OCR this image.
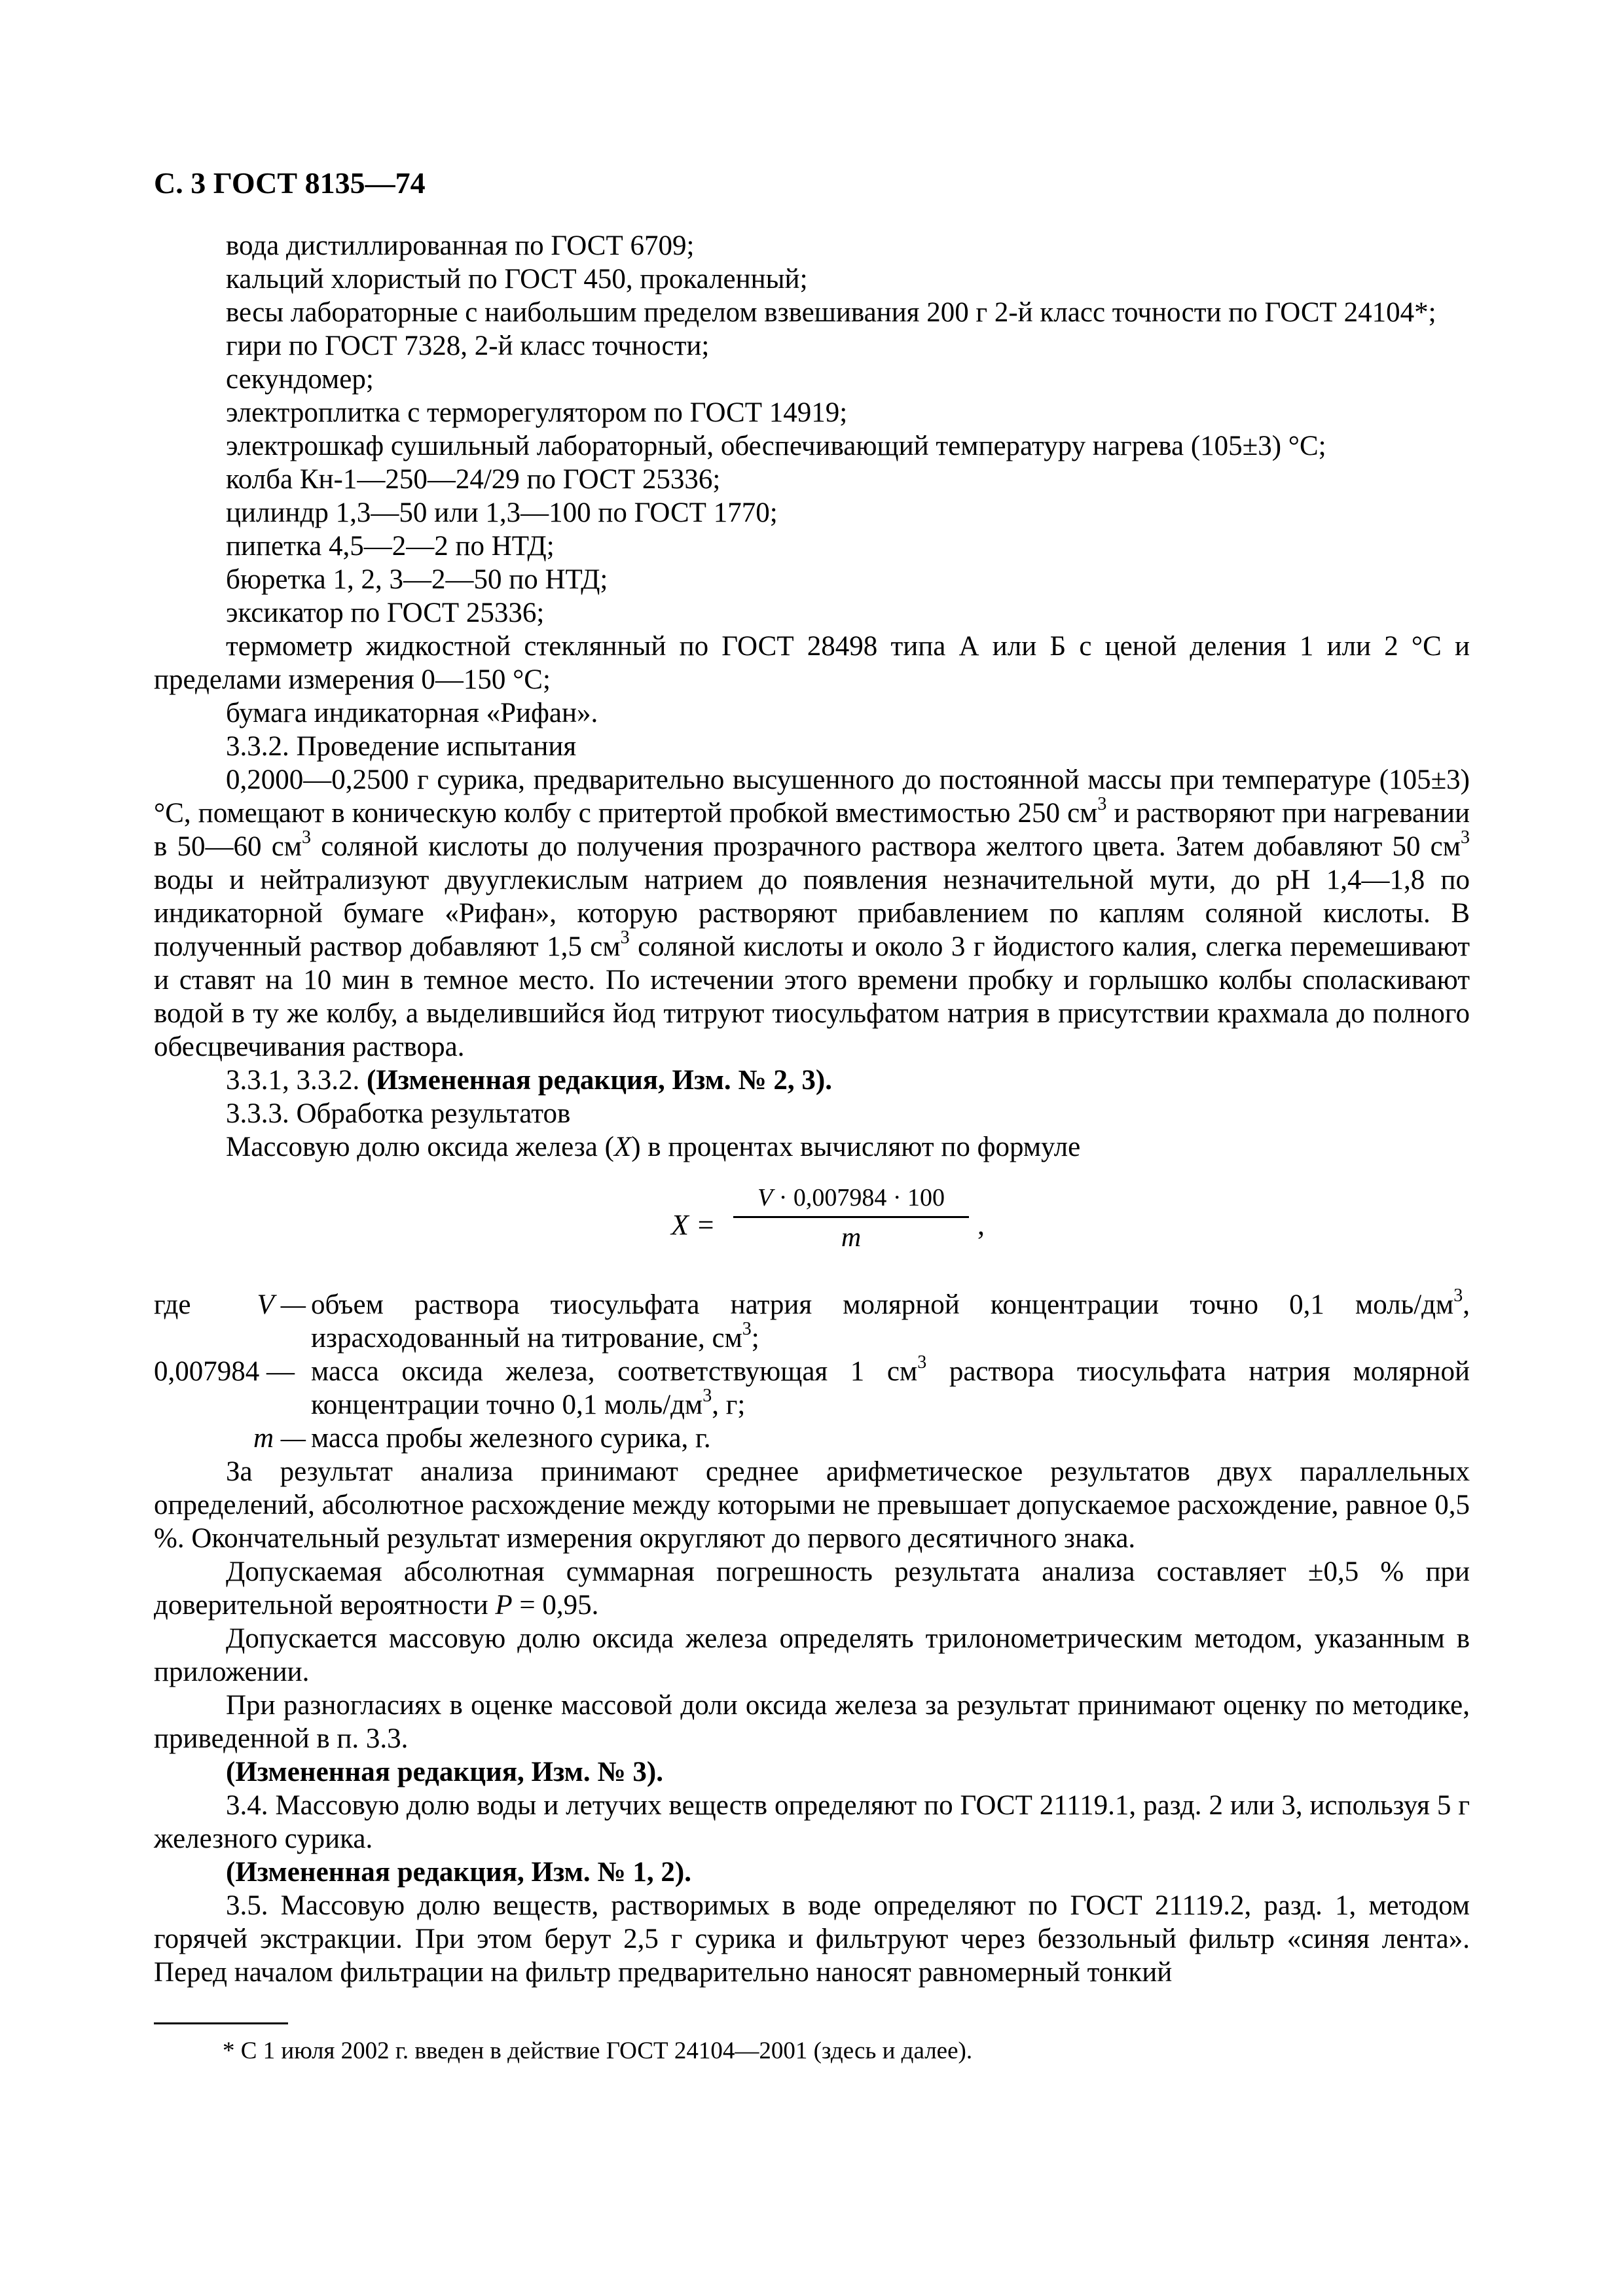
С. 3 ГОСТ 8135—74

вода дистиллированная по ГОСТ 6709;

кальций хлористый по ГОСТ 450, прокаленный;

весы лабораторные с наибольшим пределом взвешивания 200 г 2-й класс точности по ГОСТ 24104*;

гири по ГОСТ 7328, 2-й класс точности;

секундомер;

электроплитка с терморегулятором по ГОСТ 14919;

электрошкаф сушильный лабораторный, обеспечивающий температуру нагрева (105±3) °С;

колба Кн-1—250—24/29 по ГОСТ 25336;

цилиндр 1,3—50 или 1,3—100 по ГОСТ 1770;

пипетка 4,5—2—2 по НТД;

бюретка 1, 2, 3—2—50 по НТД;

эксикатор по ГОСТ 25336;

термометр жидкостной стеклянный по ГОСТ 28498 типа А или Б с ценой деления 1 или 2 °С и пределами измерения 0—150 °С;

бумага индикаторная «Рифан».

3.3.2. Проведение испытания

0,2000—0,2500 г сурика, предварительно высушенного до постоянной массы при температуре (105±3) °С, помещают в коническую колбу с притертой пробкой вместимостью 250 $см^3$ и растворяют при нагревании в 50—60 $см^3$ соляной кислоты до получения прозрачного раствора желтого цвета. Затем добавляют 50 $см^3$ воды и нейтрализуют двууглекислым натрием до появления незначительной мути, до pH 1,4—1,8 по индикаторной бумаге «Рифан», которую растворяют прибавлением по каплям соляной кислоты. В полученный раствор добавляют 1,5 $см^3$ соляной кислоты и около 3 г йодистого калия, слегка перемешивают и ставят на 10 мин в темное место. По истечении этого времени пробку и горлышко колбы споласкивают водой в ту же колбу, а выделившийся йод титруют тиосульфатом натрия в присутствии крахмала до полного обесцвечивания раствора.

3.3.1, 3.3.2. (Измененная редакция, Изм. № 2, 3).

3.3.3. Обработка результатов

Массовую долю оксида железа (X) в процентах вычисляют по формуле

$X = \frac{V \cdot 0,007984 \cdot 100}{m}$ ,
где	V — объем раствора тиосульфата натрия молярной концентрации точно 0,1 моль/$дм^3$, израсходованный на титрование, $см^3$;

0,007984 — масса оксида железа, соответствующая 1 $см^3$ раствора тиосульфата натрия молярной концентрации точно 0,1 моль/$дм^3$, г;

m — масса пробы железного сурика, г.

За результат анализа принимают среднее арифметическое результатов двух параллельных определений, абсолютное расхождение между которыми не превышает допускаемое расхождение, равное 0,5 %. Окончательный результат измерения округляют до первого десятичного знака.

Допускаемая абсолютная суммарная погрешность результата анализа составляет ±0,5 % при доверительной вероятности P = 0,95.

Допускается массовую долю оксида железа определять трилонометрическим методом, указанным в приложении.

При разногласиях в оценке массовой доли оксида железа за результат принимают оценку по методике, приведенной в п. 3.3.

(Измененная редакция, Изм. № 3).

3.4. Массовую долю воды и летучих веществ определяют по ГОСТ 21119.1, разд. 2 или 3, используя 5 г железного сурика.

(Измененная редакция, Изм. № 1, 2).

3.5. Массовую долю веществ, растворимых в воде определяют по ГОСТ 21119.2, разд. 1, методом горячей экстракции. При этом берут 2,5 г сурика и фильтруют через беззольный фильтр «синяя лента». Перед началом фильтрации на фильтр предварительно наносят равномерный тонкий

* С 1 июля 2002 г. введен в действие ГОСТ 24104—2001 (здесь и далее).
